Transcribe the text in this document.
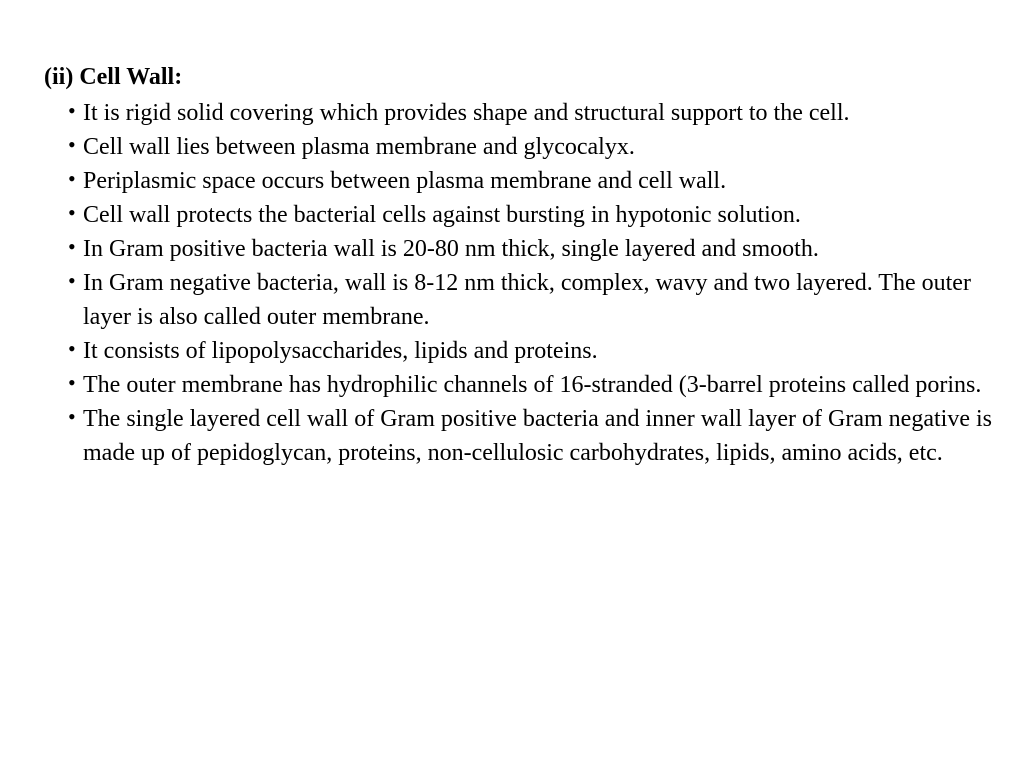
(ii) Cell Wall:
• It is rigid solid covering which provides shape and structural support to the cell.
• Cell wall lies between plasma membrane and glycocalyx.
• Periplasmic space occurs between plasma membrane and cell wall.
• Cell wall protects the bacterial cells against bursting in hypotonic solution.
• In Gram positive bacteria wall is 20-80 nm thick, single layered and smooth.
• In Gram negative bacteria, wall is 8-12 nm thick, complex, wavy and two layered. The outer layer is also called outer membrane.
• It consists of lipopolysaccharides, lipids and proteins.
• The outer membrane has hydrophilic channels of 16-stranded (3-barrel proteins called porins.
• The single layered cell wall of Gram positive bacteria and inner wall layer of Gram negative is made up of pepidoglycan, proteins, non-cellulosic carbohydrates, lipids, amino acids, etc.
